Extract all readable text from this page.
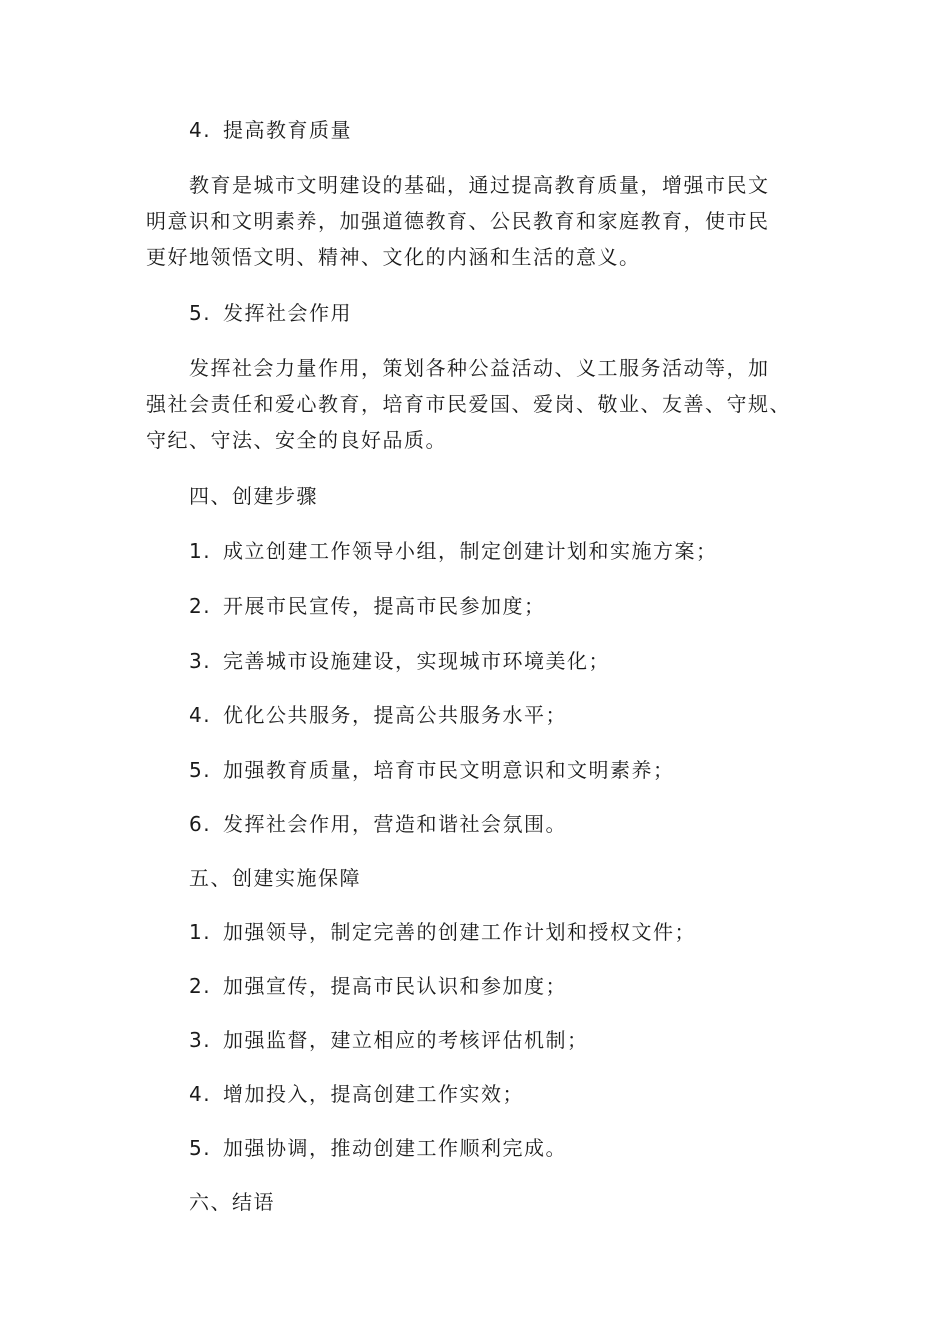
4. 提高教育质量
教育是城市文明建设的基础，通过提高教育质量，增强市民文
明意识和文明素养，加强道德教育、公民教育和家庭教育，使市民
更好地领悟文明、精神、文化的内涵和生活的意义。
5. 发挥社会作用
发挥社会力量作用，策划各种公益活动、义工服务活动等，加
强社会责任和爱心教育，培育市民爱国、爱岗、敬业、友善、守规、
守纪、守法、安全的良好品质。
四、创建步骤
1. 成立创建工作领导小组，制定创建计划和实施方案；
2. 开展市民宣传，提高市民参加度；
3. 完善城市设施建设，实现城市环境美化；
4. 优化公共服务，提高公共服务水平；
5. 加强教育质量，培育市民文明意识和文明素养；
6. 发挥社会作用，营造和谐社会氛围。
五、创建实施保障
1. 加强领导，制定完善的创建工作计划和授权文件；
2. 加强宣传，提高市民认识和参加度；
3. 加强监督，建立相应的考核评估机制；
4. 增加投入，提高创建工作实效；
5. 加强协调，推动创建工作顺利完成。
六、结语
